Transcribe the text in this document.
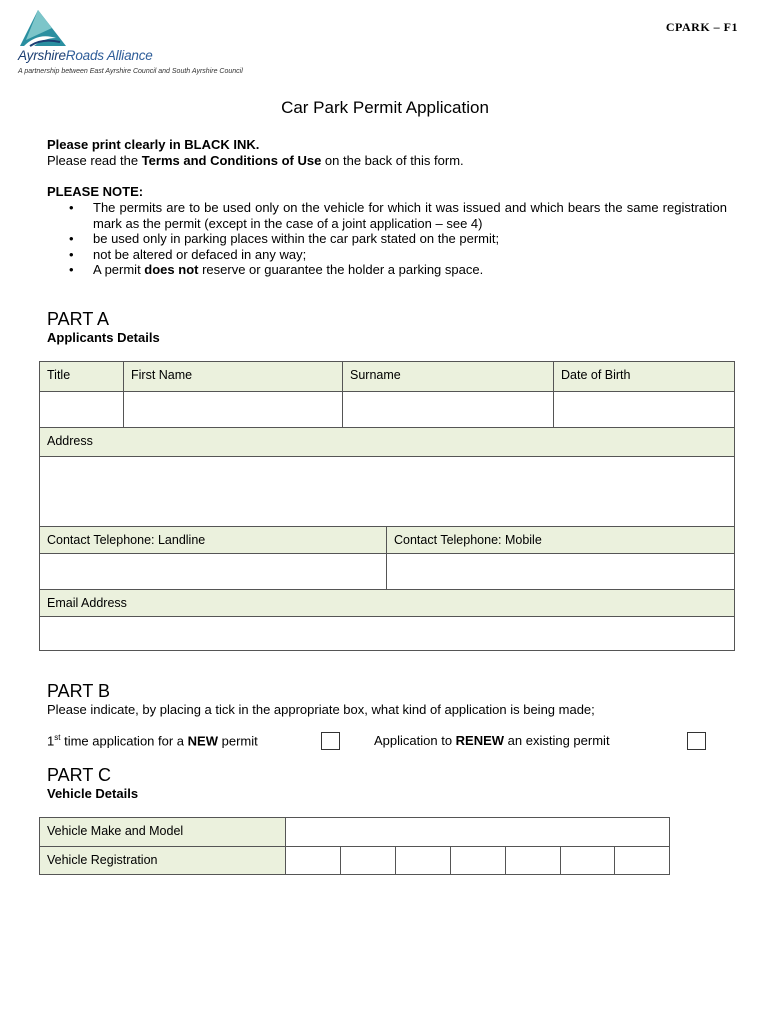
AyrshireRoads Alliance
A partnership between East Ayrshire Council and South Ayrshire Council
CPARK – F1
Car Park Permit Application
Please print clearly in BLACK INK.
Please read the Terms and Conditions of Use on the back of this form.
PLEASE NOTE:
• The permits are to be used only on the vehicle for which it was issued and which bears the same registration mark as the permit (except in the case of a joint application – see 4)
• be used only in parking places within the car park stated on the permit;
• not be altered or defaced in any way;
• A permit does not reserve or guarantee the holder a parking space.
PART A
Applicants Details
Title	First Name	Surname	Date of Birth
Address
Contact Telephone: Landline	Contact Telephone: Mobile
Email Address
PART B
Please indicate, by placing a tick in the appropriate box, what kind of application is being made;
1st time application for a NEW permit	Application to RENEW an existing permit
PART C
Vehicle Details
Vehicle Make and Model
Vehicle Registration
